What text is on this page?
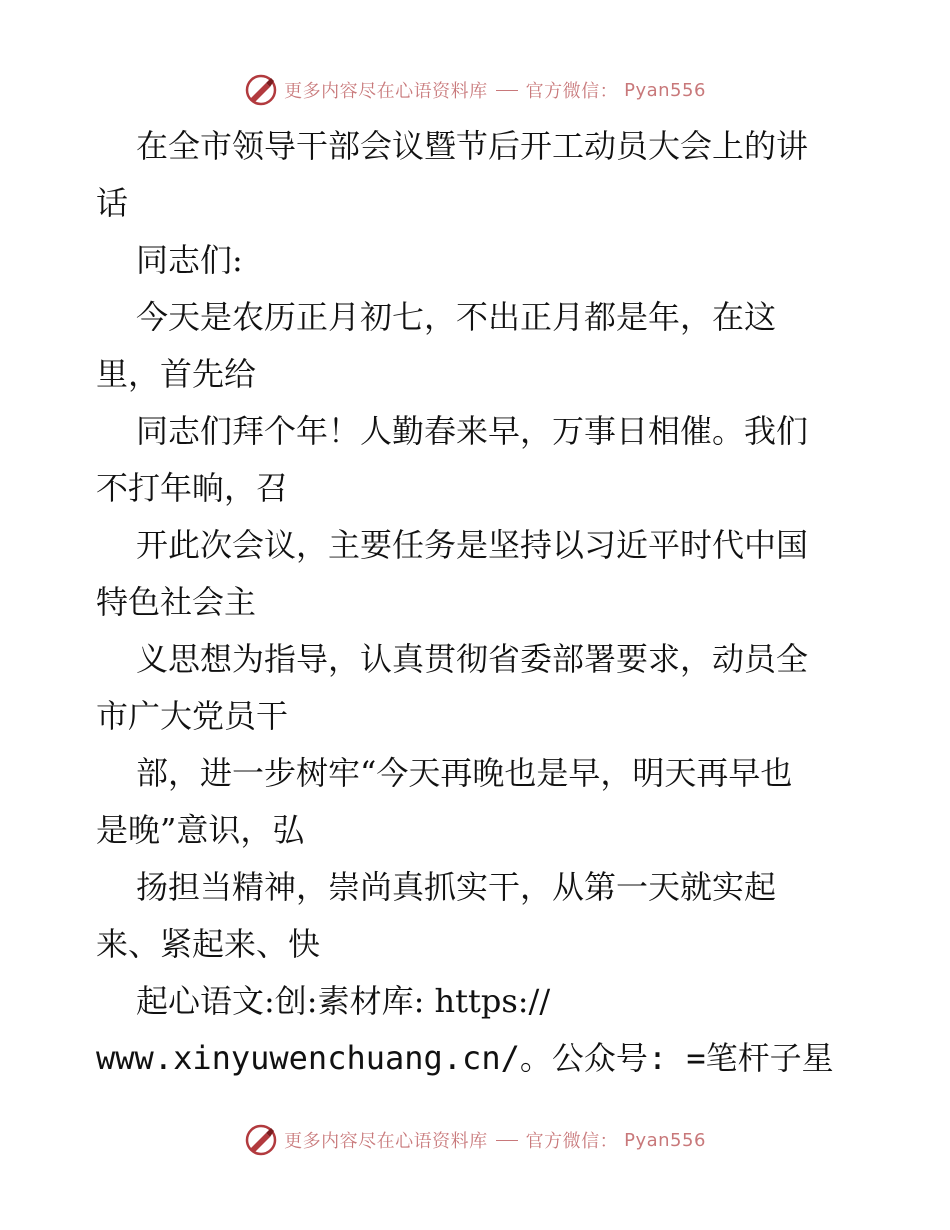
更多内容尽在心语资料库 官方微信： Pyan556
在全市领导干部会议暨节后开工动员大会上的讲
话
同志们:
今天是农历正月初七，不出正月都是年，在这
里，首先给
同志们拜个年！人勤春来早，万事日相催。我们
不打年晌，召
开此次会议，主要任务是坚持以习近平时代中国
特色社会主
义思想为指导，认真贯彻省委部署要求，动员全
市广大党员干
部，进一步树牢“今天再晚也是早，明天再早也
是晚”意识，弘
扬担当精神，崇尚真抓实干，从第一天就实起
来、紧起来、快
起心语文:创:素材库: https://
www.xinyuwenchuang.cn/。公众号: =笔杆子星
更多内容尽在心语资料库 官方微信： Pyan556
